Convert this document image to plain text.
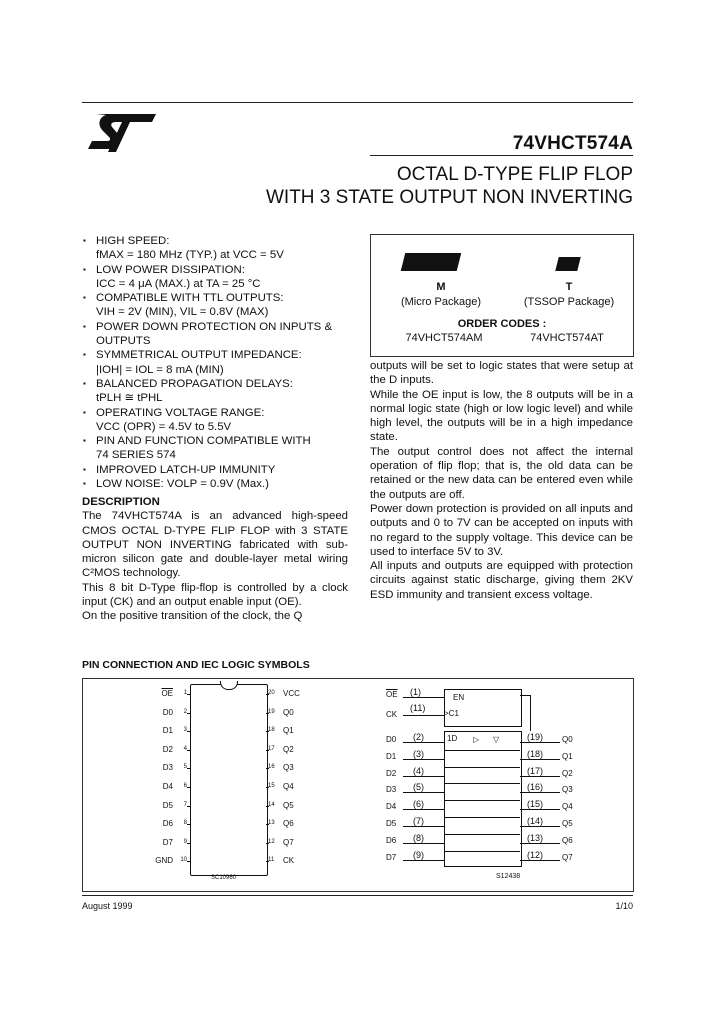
74VHCT574A
OCTAL D-TYPE FLIP FLOP
WITH 3 STATE OUTPUT NON INVERTING
▪ HIGH SPEED:
fMAX = 180 MHz (TYP.) at VCC = 5V
▪ LOW POWER DISSIPATION:
ICC = 4 μA (MAX.) at TA = 25 °C
▪ COMPATIBLE WITH TTL OUTPUTS:
VIH = 2V (MIN), VIL = 0.8V (MAX)
▪ POWER DOWN PROTECTION ON INPUTS &
OUTPUTS
▪ SYMMETRICAL OUTPUT IMPEDANCE:
|IOH| = IOL = 8 mA (MIN)
▪ BALANCED PROPAGATION DELAYS:
tPLH ≅ tPHL
▪ OPERATING VOLTAGE RANGE:
VCC (OPR) = 4.5V to 5.5V
▪ PIN AND FUNCTION COMPATIBLE WITH
74 SERIES 574
▪ IMPROVED LATCH-UP IMMUNITY
▪ LOW NOISE: VOLP = 0.9V (Max.)
DESCRIPTION

The 74VHCT574A is an advanced high-speed CMOS OCTAL D-TYPE FLIP FLOP with 3 STATE OUTPUT NON INVERTING fabricated with sub-micron silicon gate and double-layer metal wiring C²MOS technology.

This 8 bit D-Type flip-flop is controlled by a clock input (CK) and an output enable input (OE).

On the positive transition of the clock, the Q

M
(Micro Package)
T
(TSSOP Package)
ORDER CODES :
74VHCT574AM	74VHCT574AT

outputs will be set to logic states that were setup at the D inputs.

While the OE input is low, the 8 outputs will be in a normal logic state (high or low logic level) and while high level, the outputs will be in a high impedance state.

The output control does not affect the internal operation of flip flop; that is, the old data can be retained or the new data can be entered even while the outputs are off.

Power down protection is provided on all inputs and outputs and 0 to 7V can be accepted on inputs with no regard to the supply voltage. This device can be used to interface 5V to 3V.

All inputs and outputs are equipped with protection circuits against static discharge, giving them 2KV ESD immunity and transient excess voltage.

PIN CONNECTION AND IEC LOGIC SYMBOLS
SC10960
$\overline{OE}$	1
D0	2
D1	3
D2	4
D3	5
D4	6
D5	7
D6	8
D7	9
GND	10
20 VCC
19 Q0
18 Q1
17 Q2
16 Q3
15 Q4
14 Q5
13 Q6
12 Q7
11 CK
EN
>C1
1D ▷ ▽
$\overline{OE}$ (1)
CK
(11)
D0 (2)
D1 (3)
D2 (4)
D3 (5)
D4 (6)
D5 (7)
D6 (8)
D7 (9)
(19) Q0
(18) Q1
(17) Q2
(16) Q3
(15) Q4
(14) Q5
(13) Q6
(12) Q7
S12438
August 1999	1/10
